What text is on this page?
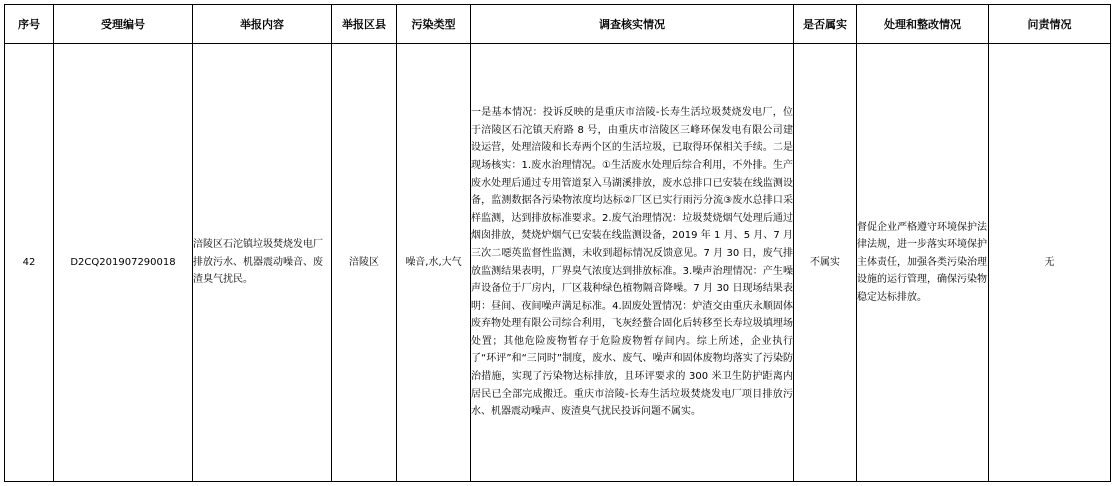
序号	受理编号	举报内容	举报区县	污染类型	调查核实情况	是否属实	处理和整改情况	问责情况
42	D2CQ201907290018	涪陵区石沱镇垃圾焚烧发电厂排放污水、机器震动噪音、废渣臭气扰民。	涪陵区	噪音,水,大气	一是基本情况：投诉反映的是重庆市涪陵-长寿生活垃圾焚烧发电厂，位于涪陵区石沱镇天府路 8 号，由重庆市涪陵区三峰环保发电有限公司建设运营，处理涪陵和长寿两个区的生活垃圾，已取得环保相关手续。二是现场核实：1.废水治理情况。①生活废水处理后综合利用，不外排。生产废水处理后通过专用管道泵入马湖溪排放，废水总排口已安装在线监测设备，监测数据各污染物浓度均达标②厂区已实行雨污分流③废水总排口采样监测，达到排放标准要求。2.废气治理情况：垃圾焚烧烟气处理后通过烟囱排放，焚烧炉烟气已安装在线监测设备，2019 年 1 月、5 月、7 月三次二噁英监督性监测，未收到超标情况反馈意见。7 月 30 日，废气排放监测结果表明，厂界臭气浓度达到排放标准。3.噪声治理情况：产生噪声设备位于厂房内，厂区栽种绿色植物隔音降噪。7 月 30 日现场结果表明：昼间、夜间噪声满足标准。4.固废处置情况：炉渣交由重庆永顺固体废弃物处理有限公司综合利用，飞灰经螯合固化后转移至长寿垃圾填埋场处置；其他危险废物暂存于危险废物暂存间内。综上所述，企业执行了“环评”和“三同时”制度，废水、废气、噪声和固体废物均落实了污染防治措施，实现了污染物达标排放，且环评要求的 300 米卫生防护距离内居民已全部完成搬迁。重庆市涪陵-长寿生活垃圾焚烧发电厂项目排放污水、机器震动噪声、废渣臭气扰民投诉问题不属实。	不属实	督促企业严格遵守环境保护法律法规，进一步落实环境保护主体责任，加强各类污染治理设施的运行管理，确保污染物稳定达标排放。	无
